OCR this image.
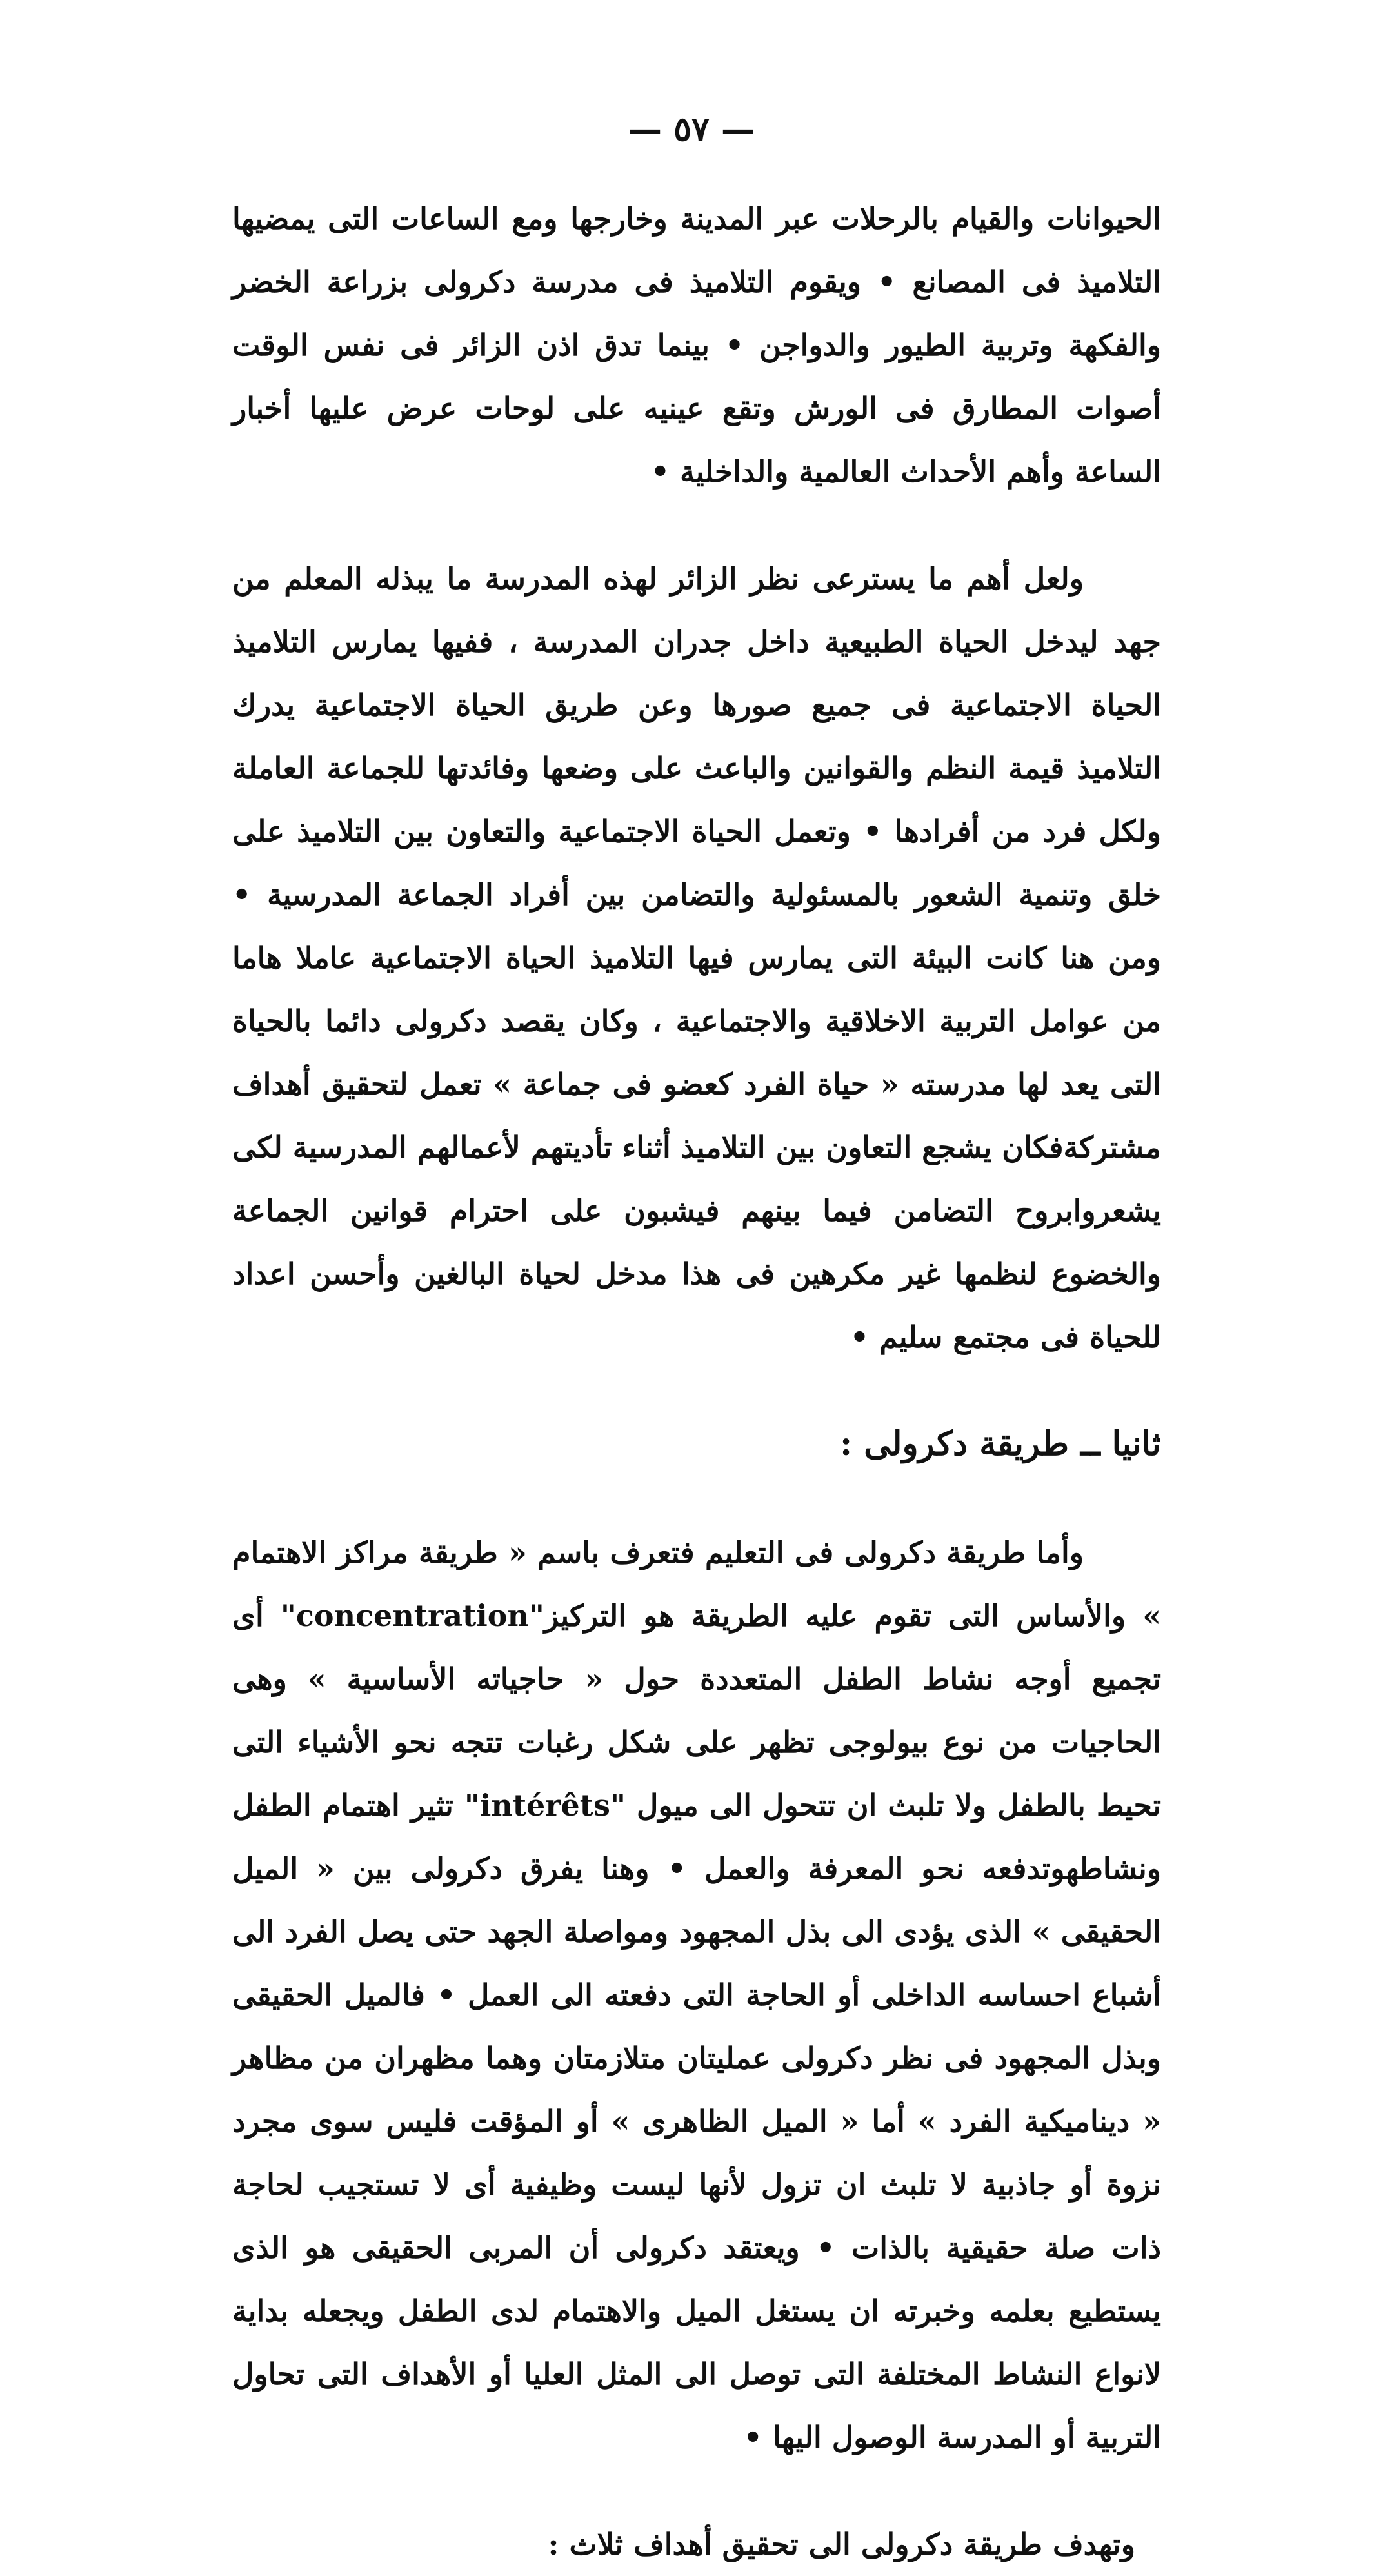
— ٥٧ —

الحيوانات والقيام بالرحلات عبر المدينة وخارجها ومع الساعات التى يمضيها التلاميذ فى المصانع • ويقوم التلاميذ فى مدرسة دكرولى بزراعة الخضر والفكهة وتربية الطيور والدواجن • بينما تدق اذن الزائر فى نفس الوقت أصوات المطارق فى الورش وتقع عينيه على لوحات عرض عليها أخبار الساعة وأهم الأحداث العالمية والداخلية •

ولعل أهم ما يسترعى نظر الزائر لهذه المدرسة ما يبذله المعلم من جهد ليدخل الحياة الطبيعية داخل جدران المدرسة ، ففيها يمارس التلاميذ الحياة الاجتماعية فى جميع صورها وعن طريق الحياة الاجتماعية يدرك التلاميذ قيمة النظم والقوانين والباعث على وضعها وفائدتها للجماعة العاملة ولكل فرد من أفرادها • وتعمل الحياة الاجتماعية والتعاون بين التلاميذ على خلق وتنمية الشعور بالمسئولية والتضامن بين أفراد الجماعة المدرسية • ومن هنا كانت البيئة التى يمارس فيها التلاميذ الحياة الاجتماعية عاملا هاما من عوامل التربية الاخلاقية والاجتماعية ، وكان يقصد دكرولى دائما بالحياة التى يعد لها مدرسته « حياة الفرد كعضو فى جماعة » تعمل لتحقيق أهداف مشتركةفكان يشجع التعاون بين التلاميذ أثناء تأديتهم لأعمالهم المدرسية لكى يشعروابروح التضامن فيما بينهم فيشبون على احترام قوانين الجماعة والخضوع لنظمها غير مكرهين فى هذا مدخل لحياة البالغين وأحسن اعداد للحياة فى مجتمع سليم •

ثانيا ــ طريقة دكرولى :

وأما طريقة دكرولى فى التعليم فتعرف باسم « طريقة مراكز الاهتمام » والأساس التى تقوم عليه الطريقة هو التركيز"concentration" أى تجميع أوجه نشاط الطفل المتعددة حول « حاجياته الأساسية » وهى الحاجيات من نوع بيولوجى تظهر على شكل رغبات تتجه نحو الأشياء التى تحيط بالطفل ولا تلبث ان تتحول الى ميول "intérêts" تثير اهتمام الطفل ونشاطهوتدفعه نحو المعرفة والعمل • وهنا يفرق دكرولى بين « الميل الحقيقى » الذى يؤدى الى بذل المجهود ومواصلة الجهد حتى يصل الفرد الى أشباع احساسه الداخلى أو الحاجة التى دفعته الى العمل • فالميل الحقيقى وبذل المجهود فى نظر دكرولى عمليتان متلازمتان وهما مظهران من مظاهر « ديناميكية الفرد » أما « الميل الظاهرى » أو المؤقت فليس سوى مجرد نزوة أو جاذبية لا تلبث ان تزول لأنها ليست وظيفية أى لا تستجيب لحاجة ذات صلة حقيقية بالذات • ويعتقد دكرولى أن المربى الحقيقى هو الذى يستطيع بعلمه وخبرته ان يستغل الميل والاهتمام لدى الطفل ويجعله بداية لانواع النشاط المختلفة التى توصل الى المثل العليا أو الأهداف التى تحاول التربية أو المدرسة الوصول اليها •

وتهدف طريقة دكرولى الى تحقيق أهداف ثلاث :
